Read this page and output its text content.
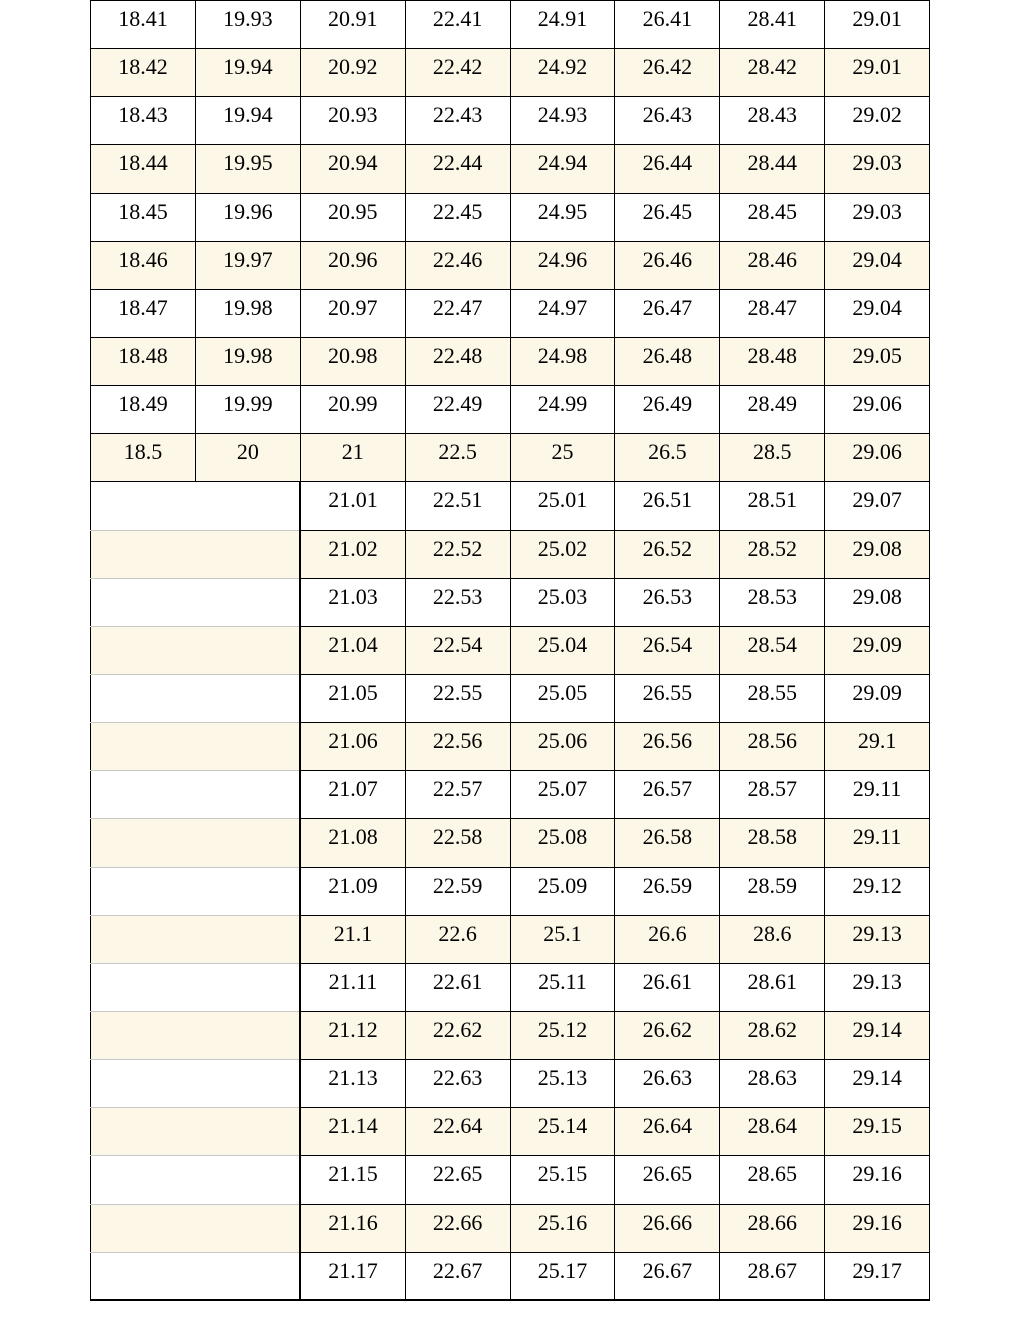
18.41	19.93	20.91	22.41	24.91	26.41	28.41	29.01
18.42	19.94	20.92	22.42	24.92	26.42	28.42	29.01
18.43	19.94	20.93	22.43	24.93	26.43	28.43	29.02
18.44	19.95	20.94	22.44	24.94	26.44	28.44	29.03
18.45	19.96	20.95	22.45	24.95	26.45	28.45	29.03
18.46	19.97	20.96	22.46	24.96	26.46	28.46	29.04
18.47	19.98	20.97	22.47	24.97	26.47	28.47	29.04
18.48	19.98	20.98	22.48	24.98	26.48	28.48	29.05
18.49	19.99	20.99	22.49	24.99	26.49	28.49	29.06
18.5	20	21	22.5	25	26.5	28.5	29.06
		21.01	22.51	25.01	26.51	28.51	29.07
		21.02	22.52	25.02	26.52	28.52	29.08
		21.03	22.53	25.03	26.53	28.53	29.08
		21.04	22.54	25.04	26.54	28.54	29.09
		21.05	22.55	25.05	26.55	28.55	29.09
		21.06	22.56	25.06	26.56	28.56	29.1
		21.07	22.57	25.07	26.57	28.57	29.11
		21.08	22.58	25.08	26.58	28.58	29.11
		21.09	22.59	25.09	26.59	28.59	29.12
		21.1	22.6	25.1	26.6	28.6	29.13
		21.11	22.61	25.11	26.61	28.61	29.13
		21.12	22.62	25.12	26.62	28.62	29.14
		21.13	22.63	25.13	26.63	28.63	29.14
		21.14	22.64	25.14	26.64	28.64	29.15
		21.15	22.65	25.15	26.65	28.65	29.16
		21.16	22.66	25.16	26.66	28.66	29.16
		21.17	22.67	25.17	26.67	28.67	29.17
